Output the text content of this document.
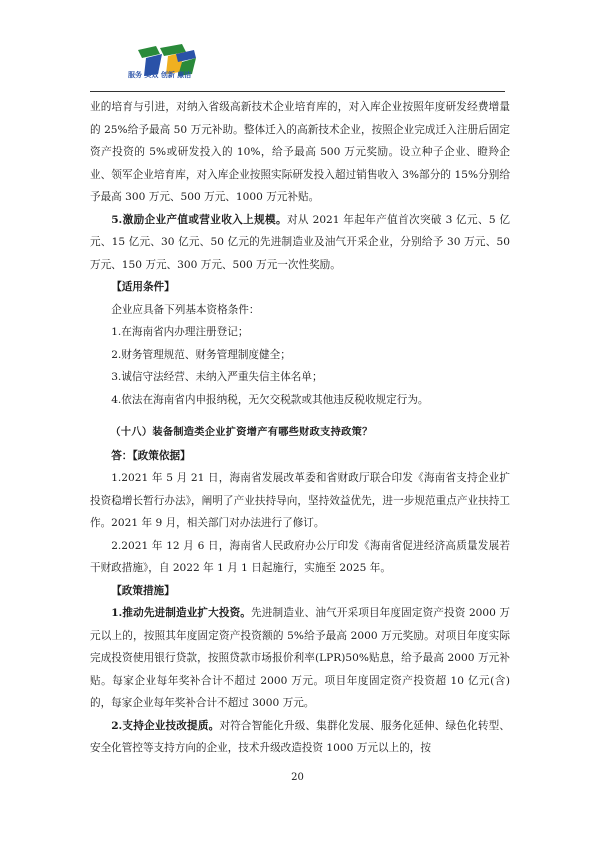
服务 实效 创新 廉洁

业的培育与引进，对纳入省级高新技术企业培育库的，对入库企业按照年度研发经费增量的 25%给予最高 50 万元补助。整体迁入的高新技术企业，按照企业完成迁入注册后固定资产投资的 5%或研发投入的 10%，给予最高 500 万元奖励。设立种子企业、瞪羚企业、领军企业培育库，对入库企业按照实际研发投入超过销售收入 3%部分的 15%分别给予最高 300 万元、500 万元、1000 万元补贴。

5.激励企业产值或营业收入上规模。对从 2021 年起年产值首次突破 3 亿元、5 亿元、15 亿元、30 亿元、50 亿元的先进制造业及油气开采企业，分别给予 30 万元、50 万元、150 万元、300 万元、500 万元一次性奖励。

【适用条件】

企业应具备下列基本资格条件：

1.在海南省内办理注册登记；

2.财务管理规范、财务管理制度健全；

3.诚信守法经营、未纳入严重失信主体名单；

4.依法在海南省内申报纳税，无欠交税款或其他违反税收规定行为。

（十八）装备制造类企业扩资增产有哪些财政支持政策？

答：【政策依据】

1.2021 年 5 月 21 日，海南省发展改革委和省财政厅联合印发《海南省支持企业扩投资稳增长暂行办法》，阐明了产业扶持导向，坚持效益优先，进一步规范重点产业扶持工作。2021 年 9 月，相关部门对办法进行了修订。

2.2021 年 12 月 6 日，海南省人民政府办公厅印发《海南省促进经济高质量发展若干财政措施》，自 2022 年 1 月 1 日起施行，实施至 2025 年。

【政策措施】

1.推动先进制造业扩大投资。先进制造业、油气开采项目年度固定资产投资 2000 万元以上的，按照其年度固定资产投资额的 5%给予最高 2000 万元奖励。对项目年度实际完成投资使用银行贷款，按照贷款市场报价利率(LPR)50%贴息，给予最高 2000 万元补贴。每家企业每年奖补合计不超过 2000 万元。项目年度固定资产投资超 10 亿元(含)的，每家企业每年奖补合计不超过 3000 万元。

2.支持企业技改提质。对符合智能化升级、集群化发展、服务化延伸、绿色化转型、安全化管控等支持方向的企业，技术升级改造投资 1000 万元以上的，按

20
